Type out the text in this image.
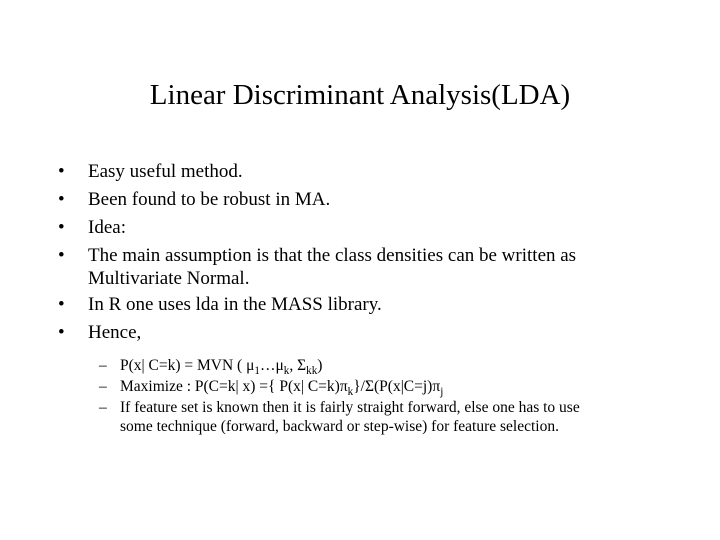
Linear Discriminant Analysis(LDA)
• Easy useful method.
• Been found to be robust in MA.
• Idea:
• The main assumption is that the class densities can be written as
Multivariate Normal.
• In R one uses lda in the MASS library.
• Hence,
– P(x| C=k) = MVN ( $\mu_1\dots\mu_k$, $\Sigma_{kk}$)
– Maximize : P(C=k| x) ={ P(x| $C=k)\pi_k\}/\Sigma(P(x|C=j)\pi_j$
– If feature set is known then it is fairly straight forward, else one has to use
some technique (forward, backward or step-wise) for feature selection.
